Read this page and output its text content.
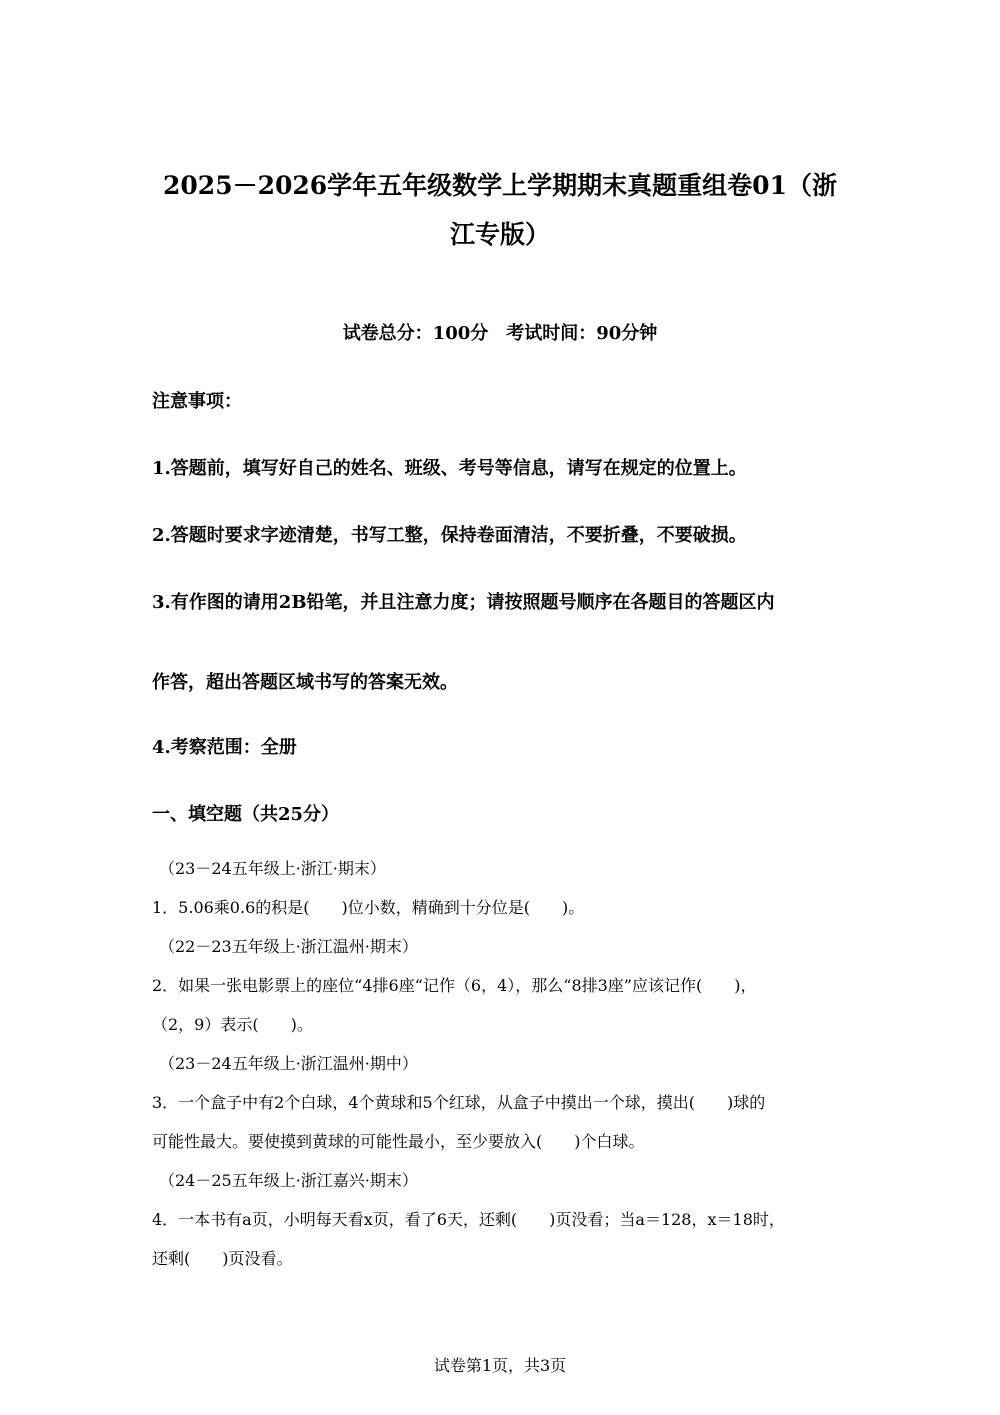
2025－2026学年五年级数学上学期期末真题重组卷01（浙
江专版）
试卷总分：100分　考试时间：90分钟
注意事项：
1.答题前，填写好自己的姓名、班级、考号等信息，请写在规定的位置上。
2.答题时要求字迹清楚，书写工整，保持卷面清洁，不要折叠，不要破损。
3.有作图的请用2B铅笔，并且注意力度；请按照题号顺序在各题目的答题区内
作答，超出答题区域书写的答案无效。
4.考察范围：全册
一、填空题（共25分）
（23－24五年级上·浙江·期末）
1．5.06乘0.6的积是(　　)位小数，精确到十分位是(　　)。
（22－23五年级上·浙江温州·期末）
2．如果一张电影票上的座位“4排6座“记作（6，4），那么“8排3座”应该记作(　　)，
（2，9）表示(　　)。
（23－24五年级上·浙江温州·期中）
3．一个盒子中有2个白球，4个黄球和5个红球，从盒子中摸出一个球，摸出(　　)球的
可能性最大。要使摸到黄球的可能性最小，至少要放入(　　)个白球。
（24－25五年级上·浙江嘉兴·期末）
4．一本书有a页，小明每天看x页，看了6天，还剩(　　)页没看；当a＝128，x＝18时，
还剩(　　)页没看。
试卷第1页，共3页
